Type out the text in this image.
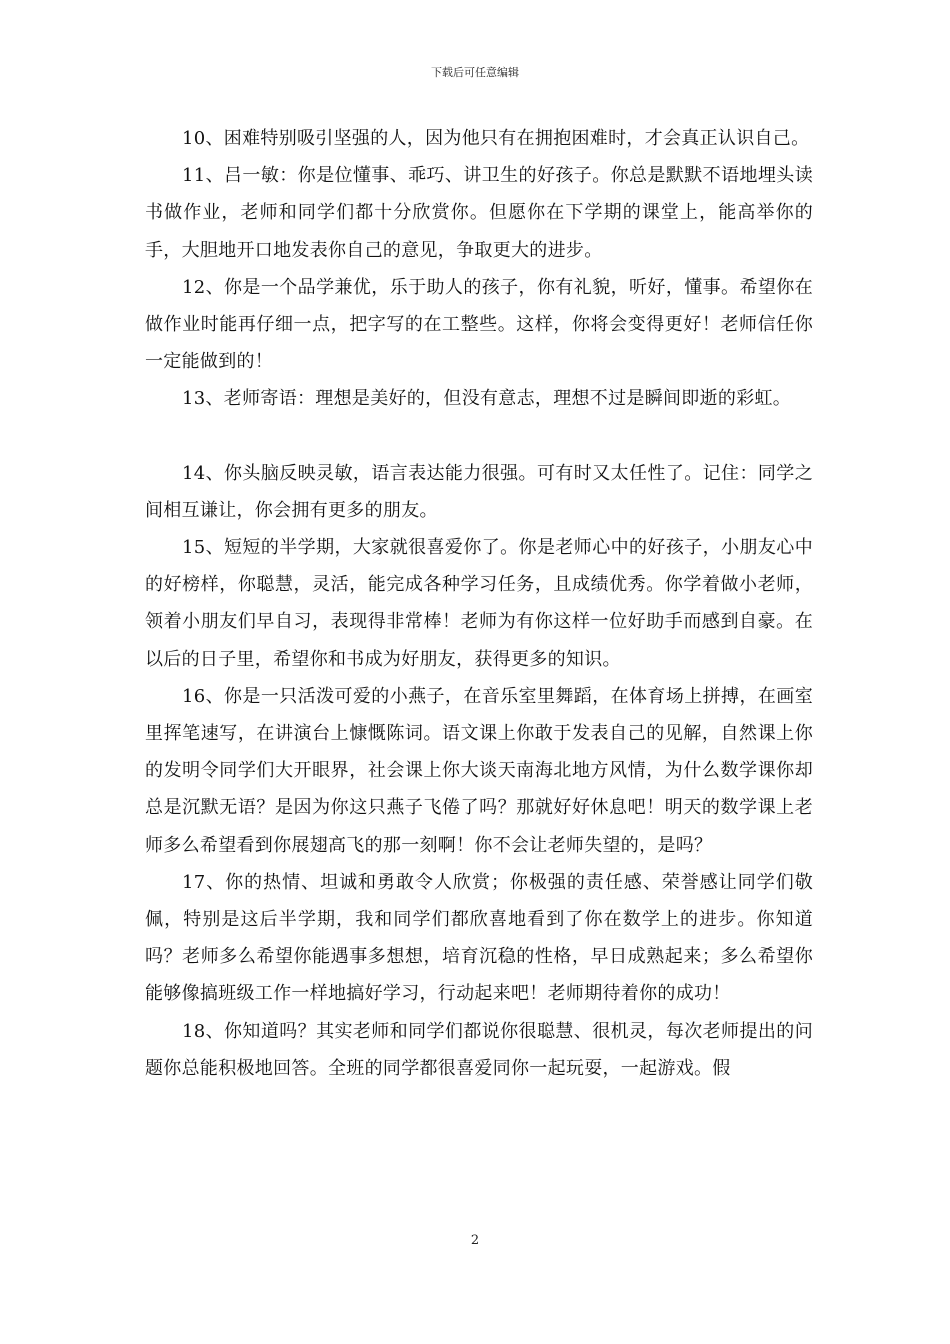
下载后可任意编辑

10、困难特别吸引坚强的人，因为他只有在拥抱困难时，才会真正认识自己。

11、吕一敏：你是位懂事、乖巧、讲卫生的好孩子。你总是默默不语地埋头读书做作业，老师和同学们都十分欣赏你。但愿你在下学期的课堂上，能高举你的手，大胆地开口地发表你自己的意见，争取更大的进步。

12、你是一个品学兼优，乐于助人的孩子，你有礼貌，听好，懂事。希望你在做作业时能再仔细一点，把字写的在工整些。这样，你将会变得更好！老师信任你一定能做到的！

13、老师寄语：理想是美好的，但没有意志，理想不过是瞬间即逝的彩虹。

14、你头脑反映灵敏，语言表达能力很强。可有时又太任性了。记住：同学之间相互谦让，你会拥有更多的朋友。

15、短短的半学期，大家就很喜爱你了。你是老师心中的好孩子，小朋友心中的好榜样，你聪慧，灵活，能完成各种学习任务，且成绩优秀。你学着做小老师，领着小朋友们早自习，表现得非常棒！老师为有你这样一位好助手而感到自豪。在以后的日子里，希望你和书成为好朋友，获得更多的知识。

16、你是一只活泼可爱的小燕子，在音乐室里舞蹈，在体育场上拼搏，在画室里挥笔速写，在讲演台上慷慨陈词。语文课上你敢于发表自己的见解，自然课上你的发明令同学们大开眼界，社会课上你大谈天南海北地方风情，为什么数学课你却总是沉默无语？是因为你这只燕子飞倦了吗？那就好好休息吧！明天的数学课上老师多么希望看到你展翅高飞的那一刻啊！你不会让老师失望的，是吗？

17、你的热情、坦诚和勇敢令人欣赏；你极强的责任感、荣誉感让同学们敬佩，特别是这后半学期，我和同学们都欣喜地看到了你在数学上的进步。你知道吗？老师多么希望你能遇事多想想，培育沉稳的性格，早日成熟起来；多么希望你能够像搞班级工作一样地搞好学习，行动起来吧！老师期待着你的成功！

18、你知道吗？其实老师和同学们都说你很聪慧、很机灵，每次老师提出的问题你总能积极地回答。全班的同学都很喜爱同你一起玩耍，一起游戏。假

2
